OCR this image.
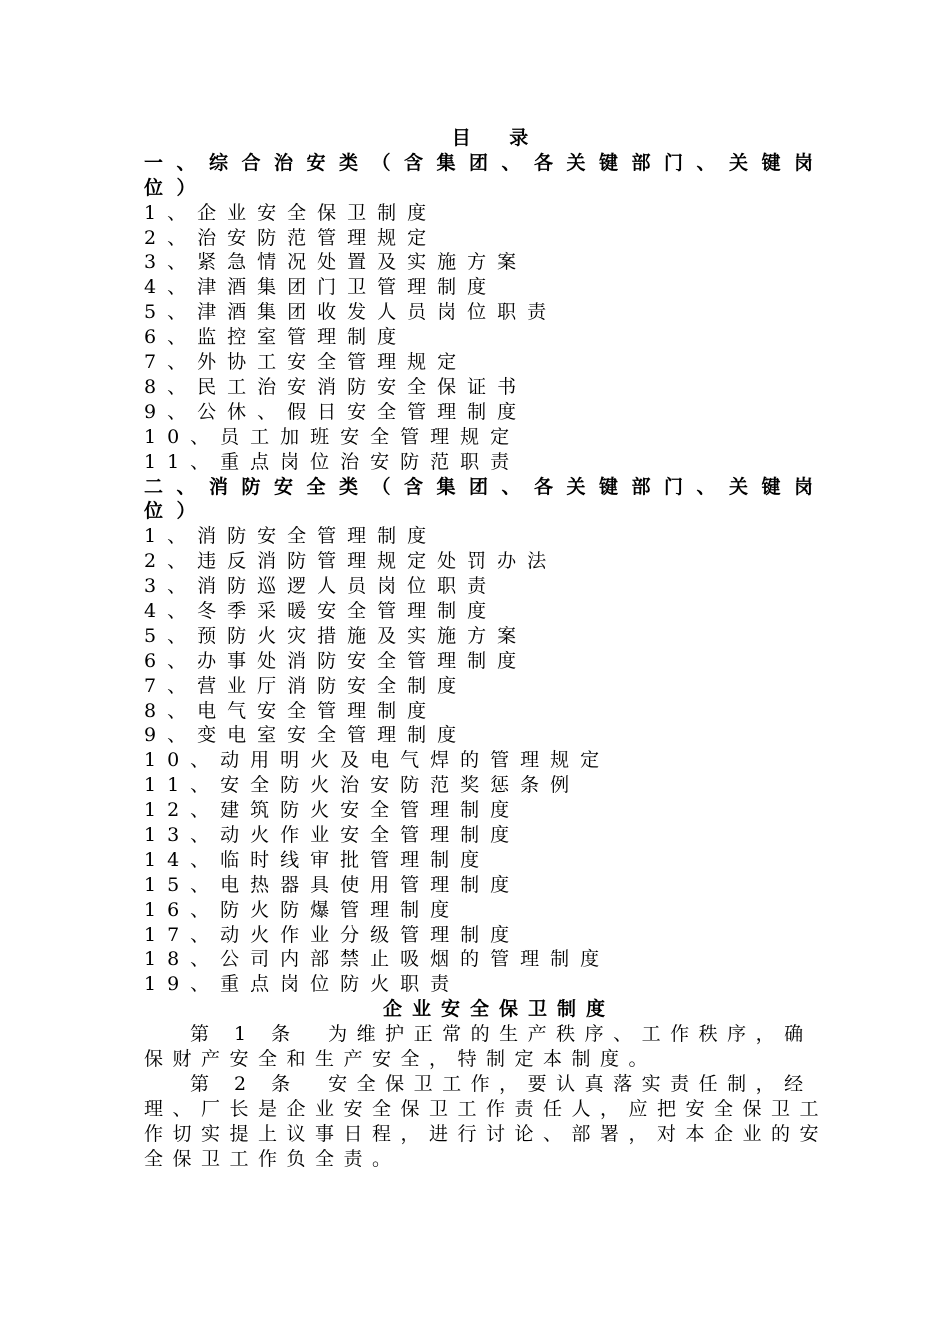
目 录
一、综合治安类（含集团、各关键部门、关键岗位）
1、企业安全保卫制度
2、治安防范管理规定
3、紧急情况处置及实施方案
4、津酒集团门卫管理制度
5、津酒集团收发人员岗位职责
6、监控室管理制度
7、外协工安全管理规定
8、民工治安消防安全保证书
9、公休、假日安全管理制度
10、员工加班安全管理规定
11、重点岗位治安防范职责
二、消防安全类（含集团、各关键部门、关键岗位）
1、消防安全管理制度
2、违反消防管理规定处罚办法
3、消防巡逻人员岗位职责
4、冬季采暖安全管理制度
5、预防火灾措施及实施方案
6、办事处消防安全管理制度
7、营业厅消防安全制度
8、电气安全管理制度
9、变电室安全管理制度
10、动用明火及电气焊的管理规定
11、安全防火治安防范奖惩条例
12、建筑防火安全管理制度
13、动火作业安全管理制度
14、临时线审批管理制度
15、电热器具使用管理制度
16、防火防爆管理制度
17、动火作业分级管理制度
18、公司内部禁止吸烟的管理制度
19、重点岗位防火职责
企业安全保卫制度

第 1 条　为维护正常的生产秩序、工作秩序，确保财产安全和生产安全，特制定本制度。

第 2 条　安全保卫工作，要认真落实责任制，经理、厂长是企业安全保卫工作责任人，应把安全保卫工作切实提上议事日程，进行讨论、部署，对本企业的安全保卫工作负全责。
